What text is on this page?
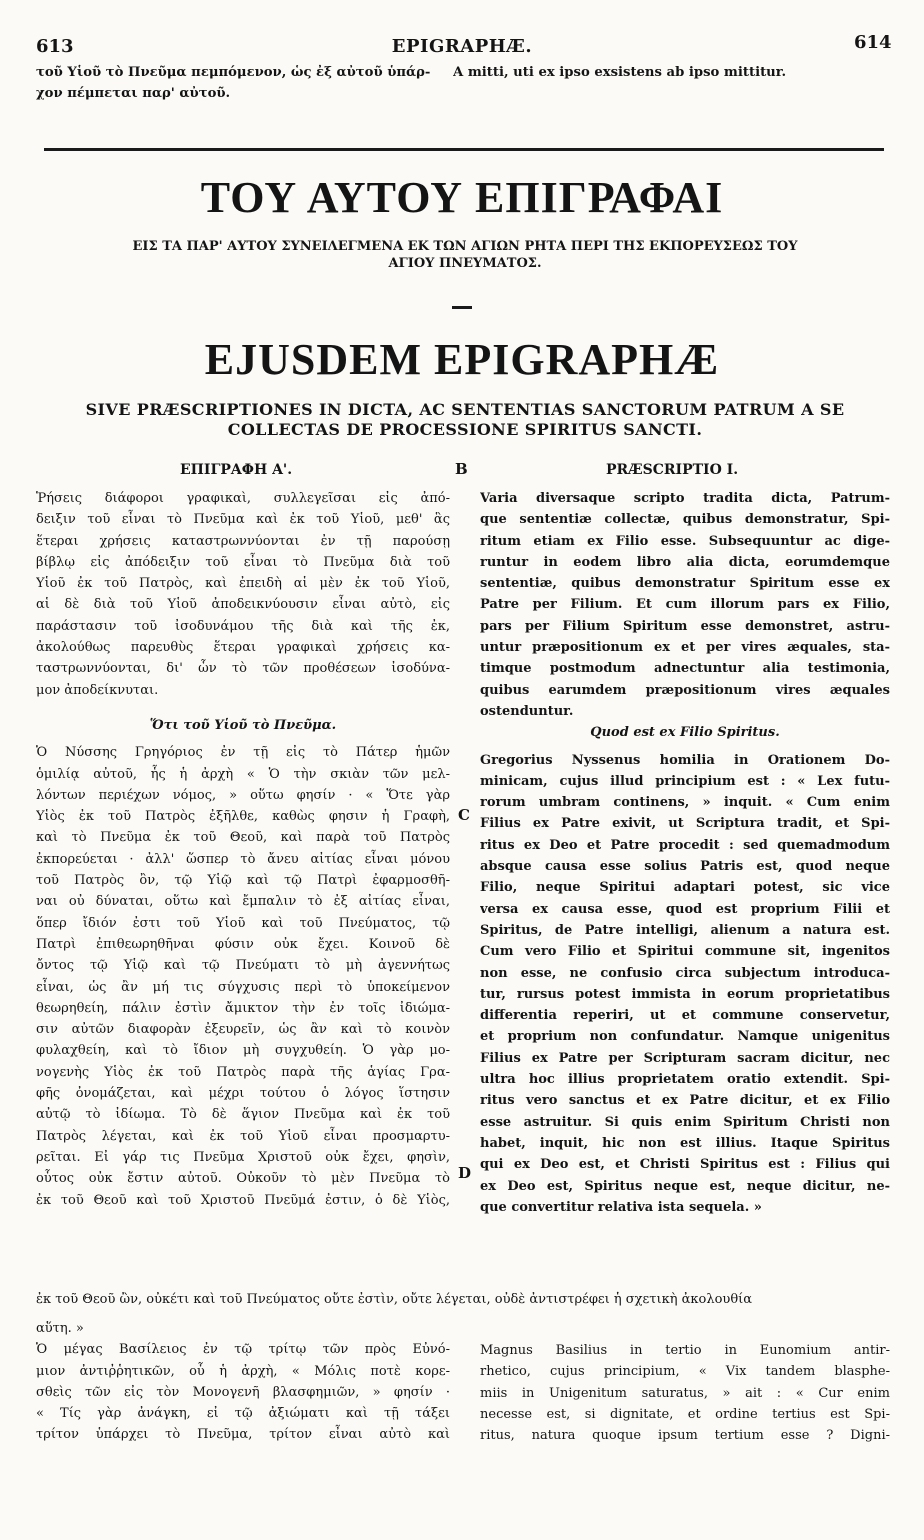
613	EPIGRAPHÆ.	614
τοῦ Υἱοῦ τὸ Πνεῦμα πεμπόμενον, ὡς ἐξ αὐτοῦ ὑπάρ-
χον πέμπεται παρ' αὐτοῦ.
A mitti, uti ex ipso exsistens ab ipso mittitur.
ΤΟΥ ΑΥΤΟΥ ΕΠΙΓΡΑΦΑΙ
ΕΙΣ ΤΑ ΠΑΡ' ΑΥΤΟΥ ΣΥΝΕΙΛΕΓΜΕΝΑ ΕΚ ΤΩΝ ΑΓΙΩΝ ΡΗΤΑ ΠΕΡΙ ΤΗΣ ΕΚΠΟΡΕΥΣΕΩΣ ΤΟΥ
ΑΓΙΟΥ ΠΝΕΥΜΑΤΟΣ.
EJUSDEM EPIGRAPHÆ
SIVE PRÆSCRIPTIONES IN DICTA, AC SENTENTIAS SANCTORUM PATRUM A SE
COLLECTAS DE PROCESSIONE SPIRITUS SANCTI.
ΕΠΙΓΡΑΦΗ Α'.	PRÆSCRIPTIO I.
B
C
D
Ῥήσεις διάφοροι γραφικαὶ, συλλεγεῖσαι εἰς ἀπό-
δειξιν τοῦ εἶναι τὸ Πνεῦμα καὶ ἐκ τοῦ Υἱοῦ, μεθ' ἃς
ἕτεραι χρήσεις καταστρωννύονται ἐν τῇ παρούσῃ
βίβλῳ εἰς ἀπόδειξιν τοῦ εἶναι τὸ Πνεῦμα διὰ τοῦ
Υἱοῦ ἐκ τοῦ Πατρὸς, καὶ ἐπειδὴ αἱ μὲν ἐκ τοῦ Υἱοῦ,
αἱ δὲ διὰ τοῦ Υἱοῦ ἀποδεικνύουσιν εἶναι αὐτὸ, εἰς
παράστασιν τοῦ ἰσοδυνάμου τῆς διὰ καὶ τῆς ἐκ,
ἀκολούθως παρευθὺς ἕτεραι γραφικαὶ χρήσεις κα-
ταστρωννύονται, δι' ὧν τὸ τῶν προθέσεων ἰσοδύνα-
μον ἀποδείκνυται.
Ὅτι τοῦ Υἱοῦ τὸ Πνεῦμα.
Ὁ Νύσσης Γρηγόριος ἐν τῇ εἰς τὸ Πάτερ ἡμῶν
ὁμιλίᾳ αὐτοῦ, ἧς ἡ ἀρχὴ « Ὁ τὴν σκιὰν τῶν μελ-
λόντων περιέχων νόμος, » οὕτω φησίν · « Ὅτε γὰρ
Υἱὸς ἐκ τοῦ Πατρὸς ἐξῆλθε, καθὼς φησιν ἡ Γραφὴ,
καὶ τὸ Πνεῦμα ἐκ τοῦ Θεοῦ, καὶ παρὰ τοῦ Πατρὸς
ἐκπορεύεται · ἀλλ' ὥσπερ τὸ ἄνευ αἰτίας εἶναι μόνου
τοῦ Πατρὸς ὂν, τῷ Υἱῷ καὶ τῷ Πατρὶ ἐφαρμοσθῆ-
ναι οὐ δύναται, οὕτω καὶ ἔμπαλιν τὸ ἐξ αἰτίας εἶναι,
ὅπερ ἴδιόν ἐστι τοῦ Υἱοῦ καὶ τοῦ Πνεύματος, τῷ
Πατρὶ ἐπιθεωρηθῆναι φύσιν οὐκ ἔχει. Κοινοῦ δὲ
ὄντος τῷ Υἱῷ καὶ τῷ Πνεύματι τὸ μὴ ἀγεννήτως
εἶναι, ὡς ἂν μή τις σύγχυσις περὶ τὸ ὑποκείμενον
θεωρηθείη, πάλιν ἐστὶν ἄμικτον τὴν ἐν τοῖς ἰδιώμα-
σιν αὐτῶν διαφορὰν ἐξευρεῖν, ὡς ἂν καὶ τὸ κοινὸν
φυλαχθείη, καὶ τὸ ἴδιον μὴ συγχυθείη. Ὁ γὰρ μο-
νογενὴς Υἱὸς ἐκ τοῦ Πατρὸς παρὰ τῆς ἁγίας Γρα-
φῆς ὀνομάζεται, καὶ μέχρι τούτου ὁ λόγος ἵστησιν
αὐτῷ τὸ ἰδίωμα. Τὸ δὲ ἅγιον Πνεῦμα καὶ ἐκ τοῦ
Πατρὸς λέγεται, καὶ ἐκ τοῦ Υἱοῦ εἶναι προσμαρτυ-
ρεῖται. Εἰ γάρ τις Πνεῦμα Χριστοῦ οὐκ ἔχει, φησὶν,
οὗτος οὐκ ἔστιν αὐτοῦ. Οὐκοῦν τὸ μὲν Πνεῦμα τὸ
ἐκ τοῦ Θεοῦ καὶ τοῦ Χριστοῦ Πνεῦμά ἐστιν, ὁ δὲ Υἱὸς,
Varia diversaque scripto tradita dicta, Patrum-
que sententiæ collectæ, quibus demonstratur, Spi-
ritum etiam ex Filio esse. Subsequuntur ac dige-
runtur in eodem libro alia dicta, eorumdemque
sententiæ, quibus demonstratur Spiritum esse ex
Patre per Filium. Et cum illorum pars ex Filio,
pars per Filium Spiritum esse demonstret, astru-
untur præpositionum ex et per vires æquales, sta-
timque postmodum adnectuntur alia testimonia,
quibus earumdem præpositionum vires æquales
ostenduntur.
Quod est ex Filio Spiritus.
Gregorius Nyssenus homilia in Orationem Do-
minicam, cujus illud principium est : « Lex futu-
rorum umbram continens, » inquit. « Cum enim
Filius ex Patre exivit, ut Scriptura tradit, et Spi-
ritus ex Deo et Patre procedit : sed quemadmodum
absque causa esse solius Patris est, quod neque
Filio, neque Spiritui adaptari potest, sic vice
versa ex causa esse, quod est proprium Filii et
Spiritus, de Patre intelligi, alienum a natura est.
Cum vero Filio et Spiritui commune sit, ingenitos
non esse, ne confusio circa subjectum introduca-
tur, rursus potest immista in eorum proprietatibus
differentia reperiri, ut et commune conservetur,
et proprium non confundatur. Namque unigenitus
Filius ex Patre per Scripturam sacram dicitur, nec
ultra hoc illius proprietatem oratio extendit. Spi-
ritus vero sanctus et ex Patre dicitur, et ex Filio
esse astruitur. Si quis enim Spiritum Christi non
habet, inquit, hic non est illius. Itaque Spiritus
qui ex Deo est, et Christi Spiritus est : Filius qui
ex Deo est, Spiritus neque est, neque dicitur, ne-
que convertitur relativa ista sequela. »
ἐκ τοῦ Θεοῦ ὢν, οὐκέτι καὶ τοῦ Πνεύματος οὔτε ἐστὶν, οὔτε λέγεται, οὐδὲ ἀντιστρέφει ἡ σχετικὴ ἀκολουθία
αὕτη. »
Ὁ μέγας Βασίλειος ἐν τῷ τρίτῳ τῶν πρὸς Εὐνό-
μιον ἀντιῤῥητικῶν, οὗ ἡ ἀρχὴ, « Μόλις ποτὲ κορε-
σθεὶς τῶν εἰς τὸν Μονογενῆ βλασφημιῶν, » φησίν ·
« Τίς γὰρ ἀνάγκη, εἰ τῷ ἀξιώματι καὶ τῇ τάξει
τρίτον ὑπάρχει τὸ Πνεῦμα, τρίτον εἶναι αὐτὸ καὶ
Magnus Basilius in tertio in Eunomium antir-
rhetico, cujus principium, « Vix tandem blasphe-
miis in Unigenitum saturatus, » ait : « Cur enim
necesse est, si dignitate, et ordine tertius est Spi-
ritus, natura quoque ipsum tertium esse ? Digni-
